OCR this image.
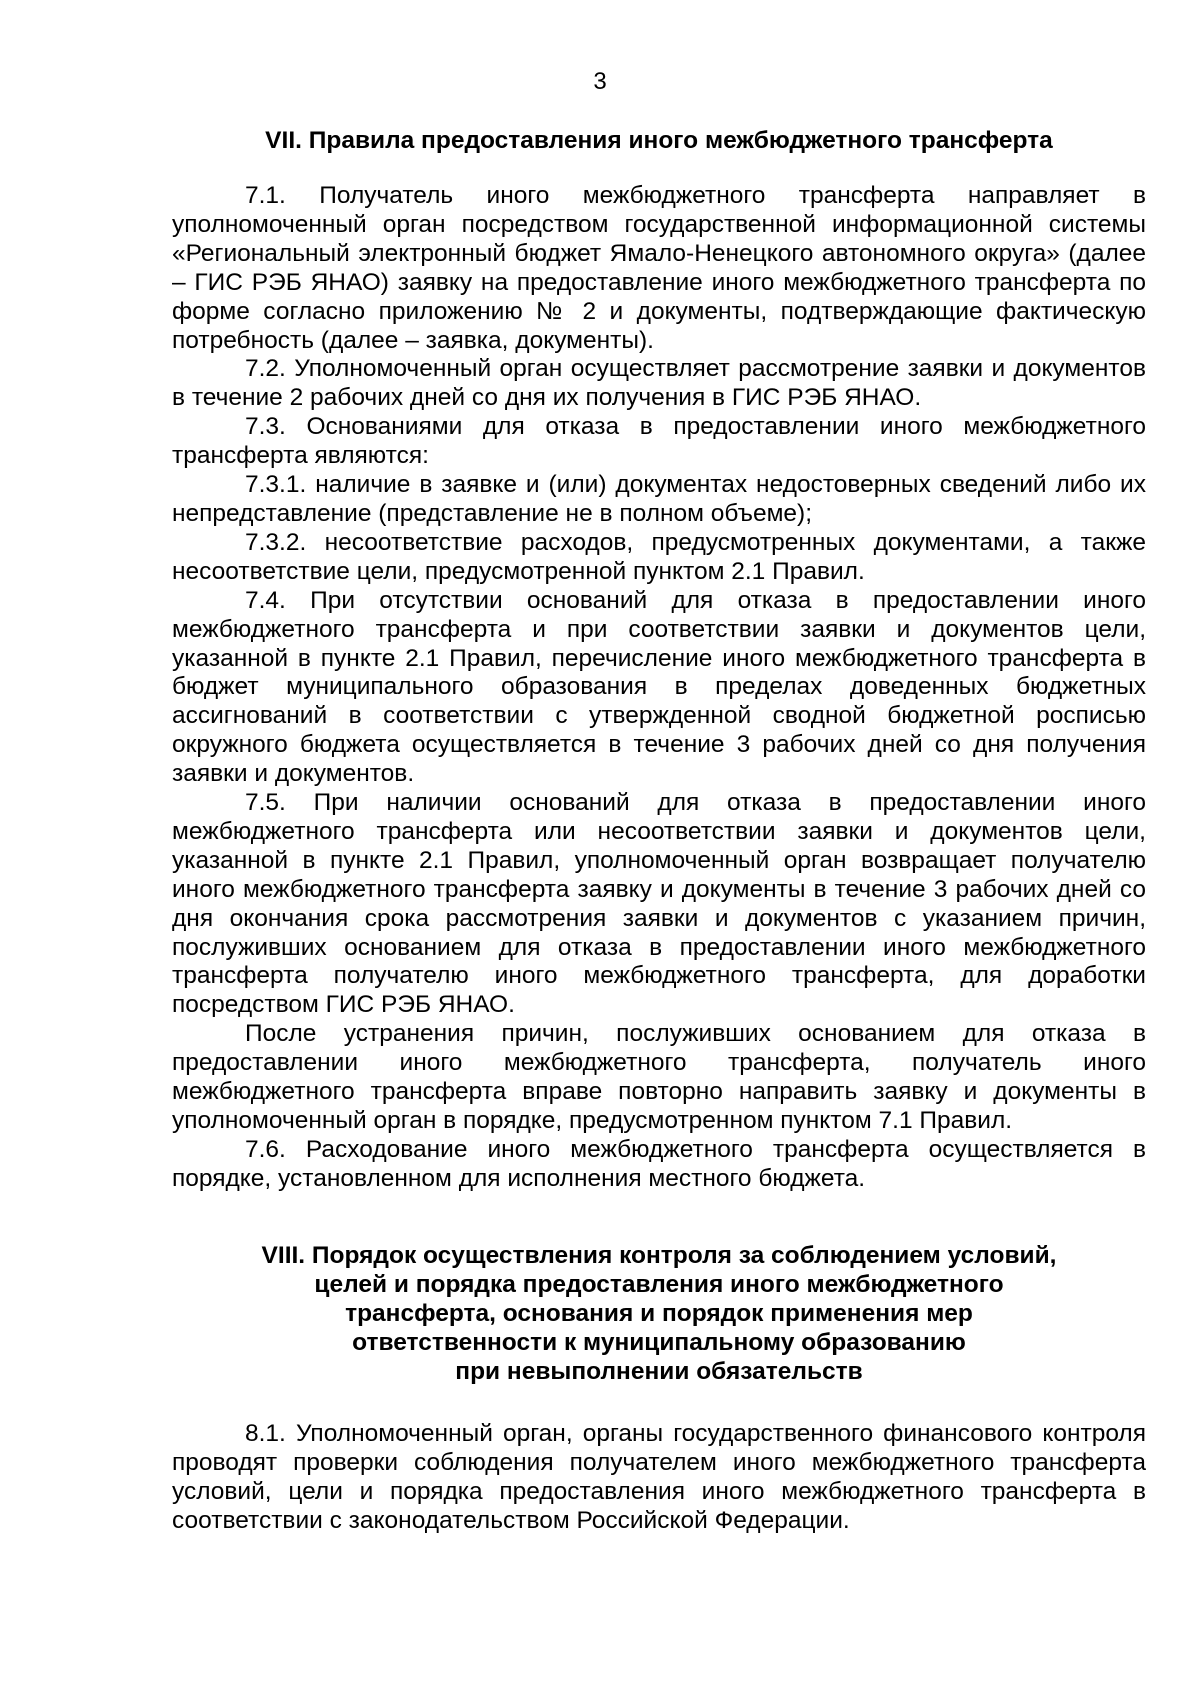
3
VII. Правила предоставления иного межбюджетного трансферта

7.1. Получатель иного межбюджетного трансферта направляет в уполномоченный орган посредством государственной информационной системы «Региональный электронный бюджет Ямало-Ненецкого автономного округа» (далее – ГИС РЭБ ЯНАО) заявку на предоставление иного межбюджетного трансферта по форме согласно приложению № 2 и документы, подтверждающие фактическую потребность (далее – заявка, документы).

7.2. Уполномоченный орган осуществляет рассмотрение заявки и документов в течение 2 рабочих дней со дня их получения в ГИС РЭБ ЯНАО.

7.3. Основаниями для отказа в предоставлении иного межбюджетного трансферта являются:

7.3.1. наличие в заявке и (или) документах недостоверных сведений либо их непредставление (представление не в полном объеме);

7.3.2. несоответствие расходов, предусмотренных документами, а также несоответствие цели, предусмотренной пунктом 2.1 Правил.

7.4. При отсутствии оснований для отказа в предоставлении иного межбюджетного трансферта и при соответствии заявки и документов цели, указанной в пункте 2.1 Правил, перечисление иного межбюджетного трансферта в бюджет муниципального образования в пределах доведенных бюджетных ассигнований в соответствии с утвержденной сводной бюджетной росписью окружного бюджета осуществляется в течение 3 рабочих дней со дня получения заявки и документов.

7.5. При наличии оснований для отказа в предоставлении иного межбюджетного трансферта или несоответствии заявки и документов цели, указанной в пункте 2.1 Правил, уполномоченный орган возвращает получателю иного межбюджетного трансферта заявку и документы в течение 3 рабочих дней со дня окончания срока рассмотрения заявки и документов с указанием причин, послуживших основанием для отказа в предоставлении иного межбюджетного трансферта получателю иного межбюджетного трансферта, для доработки посредством ГИС РЭБ ЯНАО.

После устранения причин, послуживших основанием для отказа в предоставлении иного межбюджетного трансферта, получатель иного межбюджетного трансферта вправе повторно направить заявку и документы в уполномоченный орган в порядке, предусмотренном пунктом 7.1 Правил.

7.6. Расходование иного межбюджетного трансферта осуществляется в порядке, установленном для исполнения местного бюджета.

VIII. Порядок осуществления контроля за соблюдением условий,
целей и порядка предоставления иного межбюджетного
трансферта, основания и порядок применения мер
ответственности к муниципальному образованию
при невыполнении обязательств

8.1. Уполномоченный орган, органы государственного финансового контроля проводят проверки соблюдения получателем иного межбюджетного трансферта условий, цели и порядка предоставления иного межбюджетного трансферта в соответствии с законодательством Российской Федерации.
